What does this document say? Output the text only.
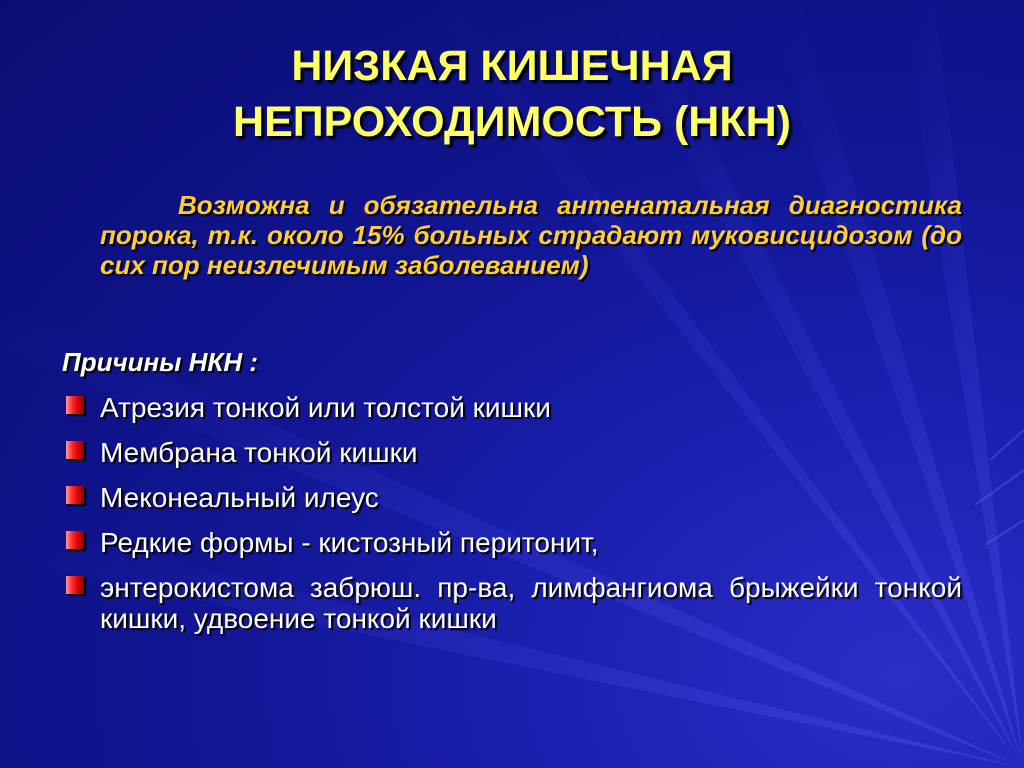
НИЗКАЯ КИШЕЧНАЯ
НЕПРОХОДИМОСТЬ (НКН)
Возможна и обязательна антенатальная диагностика порока, т.к. около 15% больных страдают муковисцидозом (до сих пор неизлечимым заболеванием)
Причины НКН :
Атрезия тонкой или толстой кишки
Мембрана тонкой кишки
Меконеальный илеус
Редкие формы - кистозный перитонит,
энтерокистома забрюш. пр-ва, лимфангиома брыжейки тонкой кишки, удвоение тонкой кишки
